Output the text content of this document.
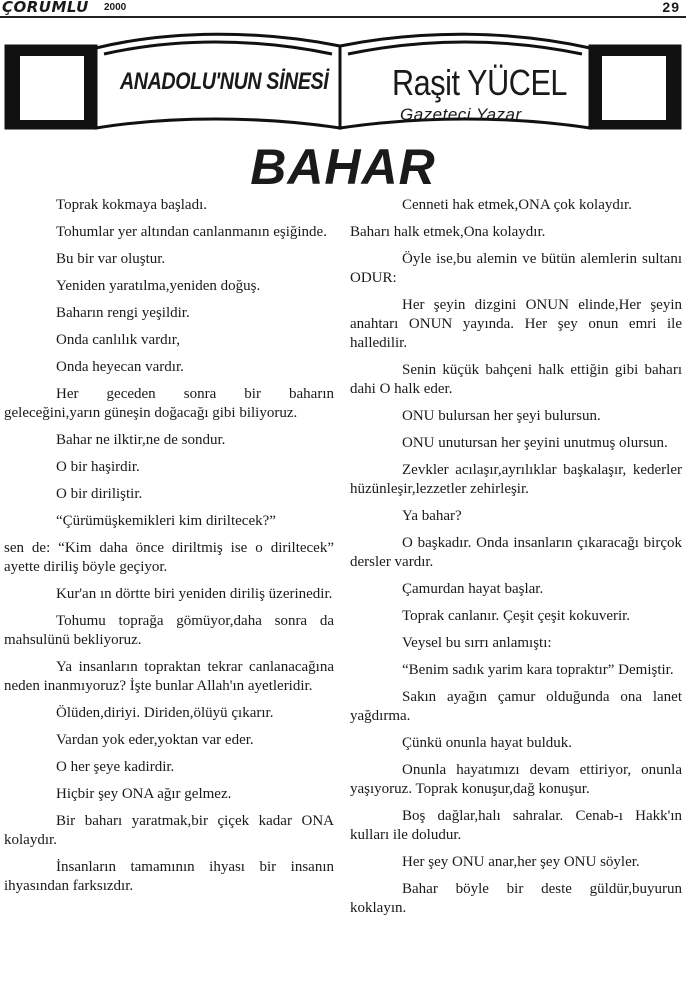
ÇORUMLU 2000	29
ANADOLU'NUN SİNESİ Raşit YÜCEL
Gazeteci Yazar
BAHAR

Toprak kokmaya başladı.

Tohumlar yer altından canlanmanın eşiğinde.

Bu bir var oluştur.

Yeniden yaratılma,yeniden doğuş.

Baharın rengi yeşildir.

Onda canlılık vardır,

Onda heyecan vardır.

Her geceden sonra bir baharın geleceğini,yarın güneşin doğacağı gibi biliyoruz.

Bahar ne ilktir,ne de sondur.

O bir haşirdir.

O bir diriliştir.

“Çürümüşkemikleri kim diriltecek?”

sen de: “Kim daha önce diriltmiş ise o diriltecek” ayette diriliş böyle geçiyor.

Kur'an ın dörtte biri yeniden diriliş üzerinedir.

Tohumu toprağa gömüyor,daha sonra da mahsulünü bekliyoruz.

Ya insanların topraktan tekrar canlanacağına neden inanmıyoruz? İşte bunlar Allah'ın ayetleridir.

Ölüden,diriyi. Diriden,ölüyü çıkarır.

Vardan yok eder,yoktan var eder.

O her şeye kadirdir.

Hiçbir şey ONA ağır gelmez.

Bir baharı yaratmak,bir çiçek kadar ONA kolaydır.

İnsanların tamamının ihyası bir insanın ihyasından farksızdır.

Cenneti hak etmek,ONA çok kolaydır.

Baharı halk etmek,Ona kolaydır.

Öyle ise,bu alemin ve bütün alemlerin sultanı ODUR:

Her şeyin dizgini ONUN elinde,Her şeyin anahtarı ONUN yayında. Her şey onun emri ile halledilir.

Senin küçük bahçeni halk ettiğin gibi baharı dahi O halk eder.

ONU bulursan her şeyi bulursun.

ONU unutursan her şeyini unutmuş olursun.

Zevkler acılaşır,ayrılıklar başkalaşır, kederler hüzünleşir,lezzetler zehirleşir.

Ya bahar?

O başkadır. Onda insanların çıkaracağı birçok dersler vardır.

Çamurdan hayat başlar.

Toprak canlanır. Çeşit çeşit kokuverir.

Veysel bu sırrı anlamıştı:

“Benim sadık yarim kara topraktır” Demiştir.

Sakın ayağın çamur olduğunda ona lanet yağdırma.

Çünkü onunla hayat bulduk.

Onunla hayatımızı devam ettiriyor, onunla yaşıyoruz. Toprak konuşur,dağ konuşur.

Boş dağlar,halı sahralar. Cenab-ı Hakk'ın kulları ile doludur.

Her şey ONU anar,her şey ONU söyler.

Bahar böyle bir deste güldür,buyurun koklayın.
